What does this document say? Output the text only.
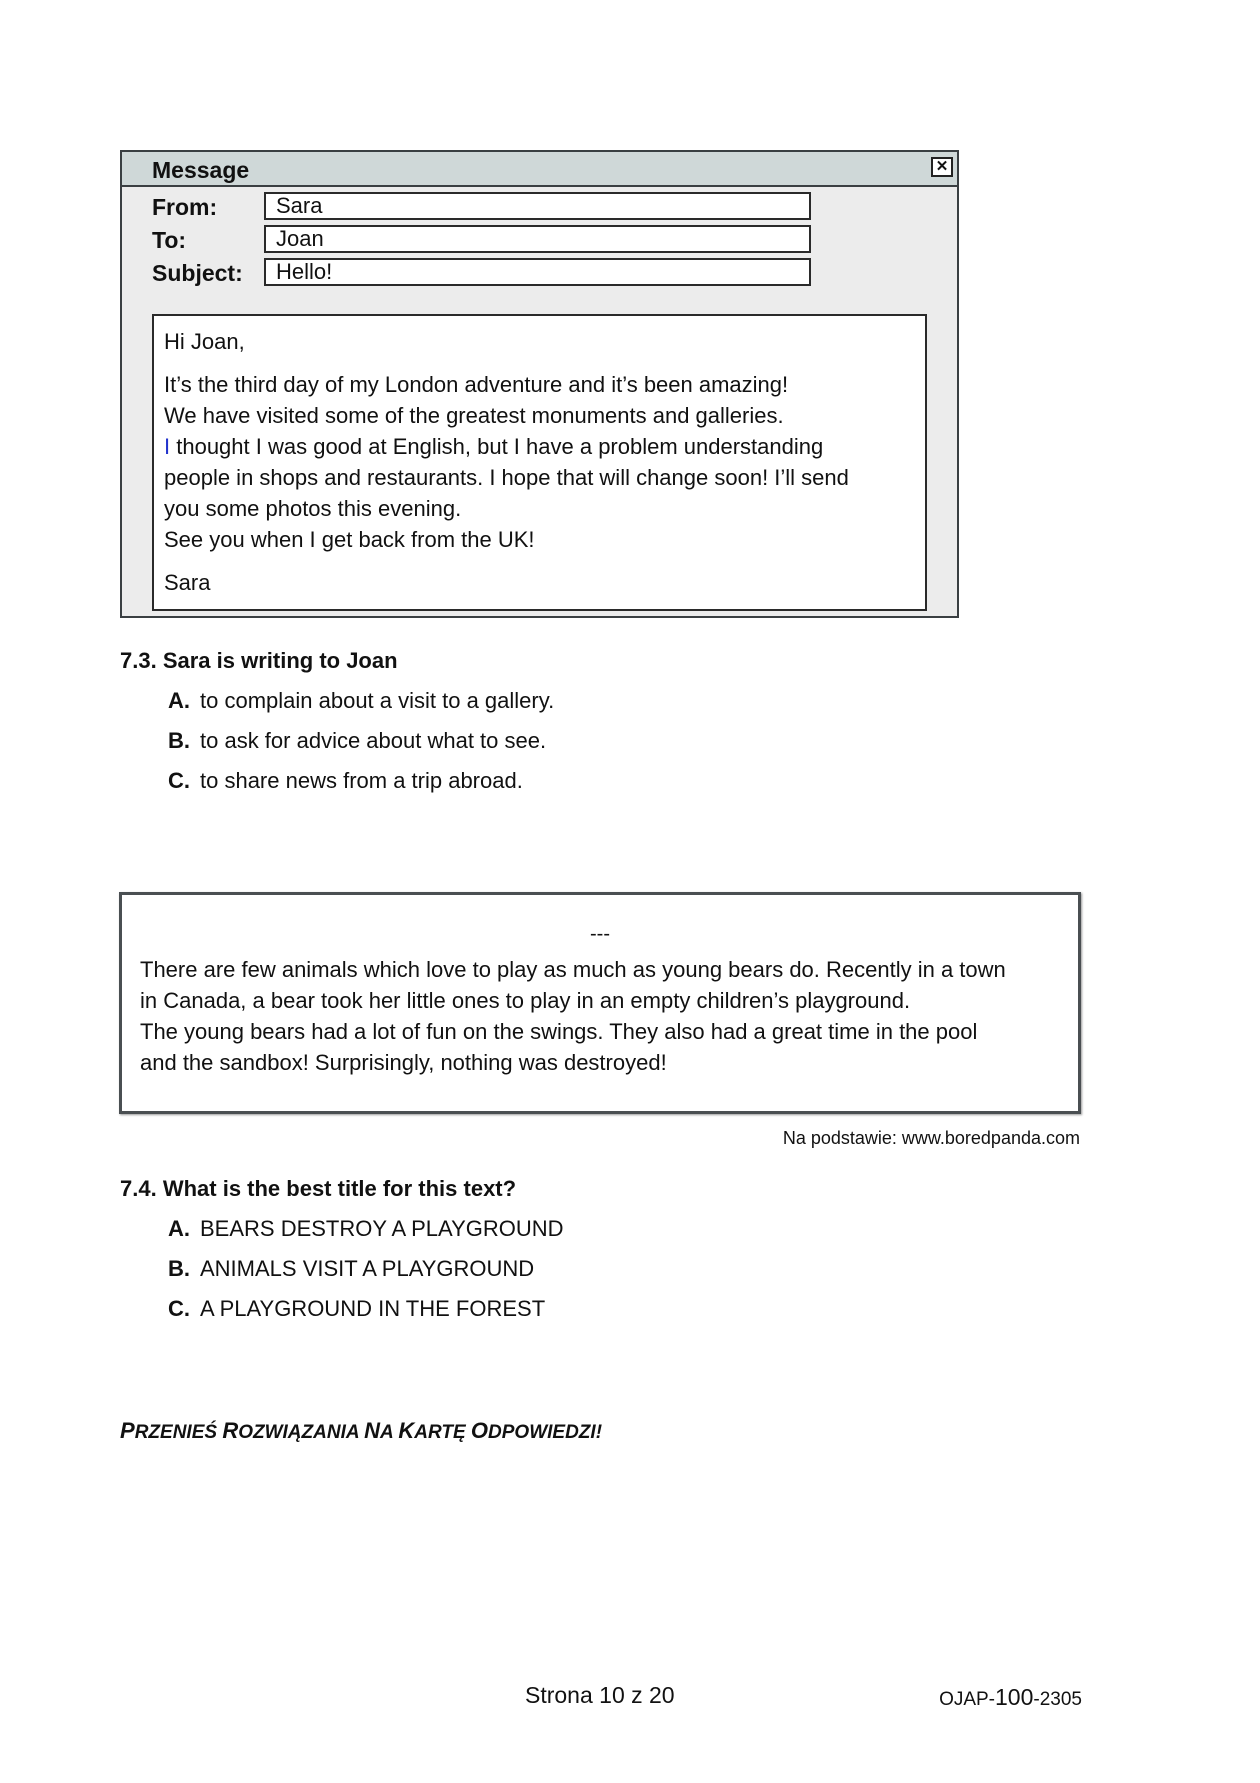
Message	✕
From:	Sara
To:	Joan
Subject:	Hello!

Hi Joan,

It’s the third day of my London adventure and it’s been amazing!

We have visited some of the greatest monuments and galleries.

I thought I was good at English, but I have a problem understanding

people in shops and restaurants. I hope that will change soon! I’ll send

you some photos this evening.

See you when I get back from the UK!

Sara

7.3. Sara is writing to Joan
A. to complain about a visit to a gallery.
B. to ask for advice about what to see.
C. to share news from a trip abroad.
---

There are few animals which love to play as much as young bears do. Recently in a town

in Canada, a bear took her little ones to play in an empty children’s playground.

The young bears had a lot of fun on the swings. They also had a great time in the pool

and the sandbox! Surprisingly, nothing was destroyed!

Na podstawie: www.boredpanda.com
7.4. What is the best title for this text?
A. BEARS DESTROY A PLAYGROUND
B. ANIMALS VISIT A PLAYGROUND
C. A PLAYGROUND IN THE FOREST
PRZENIEŚ ROZWIĄZANIA NA KARTĘ ODPOWIEDZI!
Strona 10 z 20	OJAP-100-2305
